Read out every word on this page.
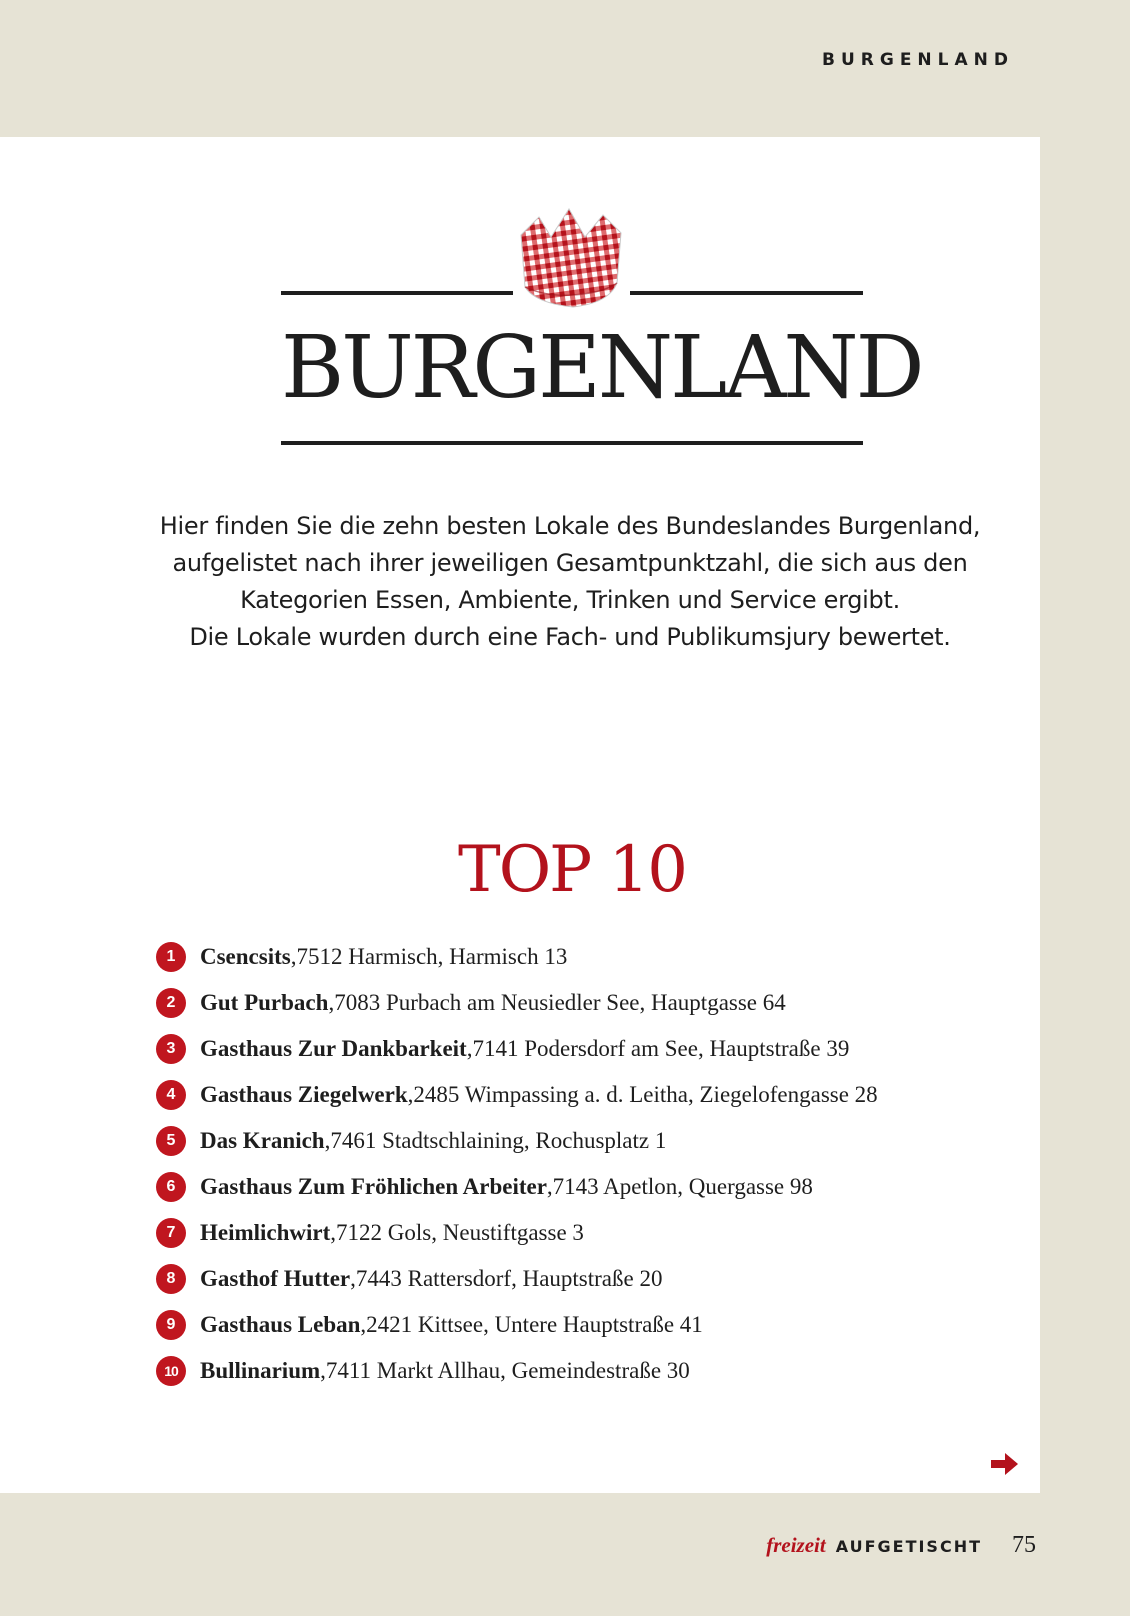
BURGENLAND
BURGENLAND
Hier finden Sie die zehn besten Lokale des Bundeslandes Burgenland,
aufgelistet nach ihrer jeweiligen Gesamtpunktzahl, die sich aus den
Kategorien Essen, Ambiente, Trinken und Service ergibt.
Die Lokale wurden durch eine Fach- und Publikumsjury bewertet.
TOP 10
1	Csencsits , 7512 Harmisch, Harmisch 13
2	Gut Purbach , 7083 Purbach am Neusiedler See, Hauptgasse 64
3	Gasthaus Zur Dankbarkeit , 7141 Podersdorf am See, Hauptstraße 39
4	Gasthaus Ziegelwerk , 2485 Wimpassing a. d. Leitha, Ziegelofengasse 28
5	Das Kranich , 7461 Stadtschlaining, Rochusplatz 1
6	Gasthaus Zum Fröhlichen Arbeiter , 7143 Apetlon, Quergasse 98
7	Heimlichwirt , 7122 Gols, Neustiftgasse 3
8	Gasthof Hutter , 7443 Rattersdorf, Hauptstraße 20
9	Gasthaus Leban , 2421 Kittsee, Untere Hauptstraße 41
10 Bullinarium , 7411 Markt Allhau, Gemeindestraße 30
freizeit AUFGETISCHT 75
